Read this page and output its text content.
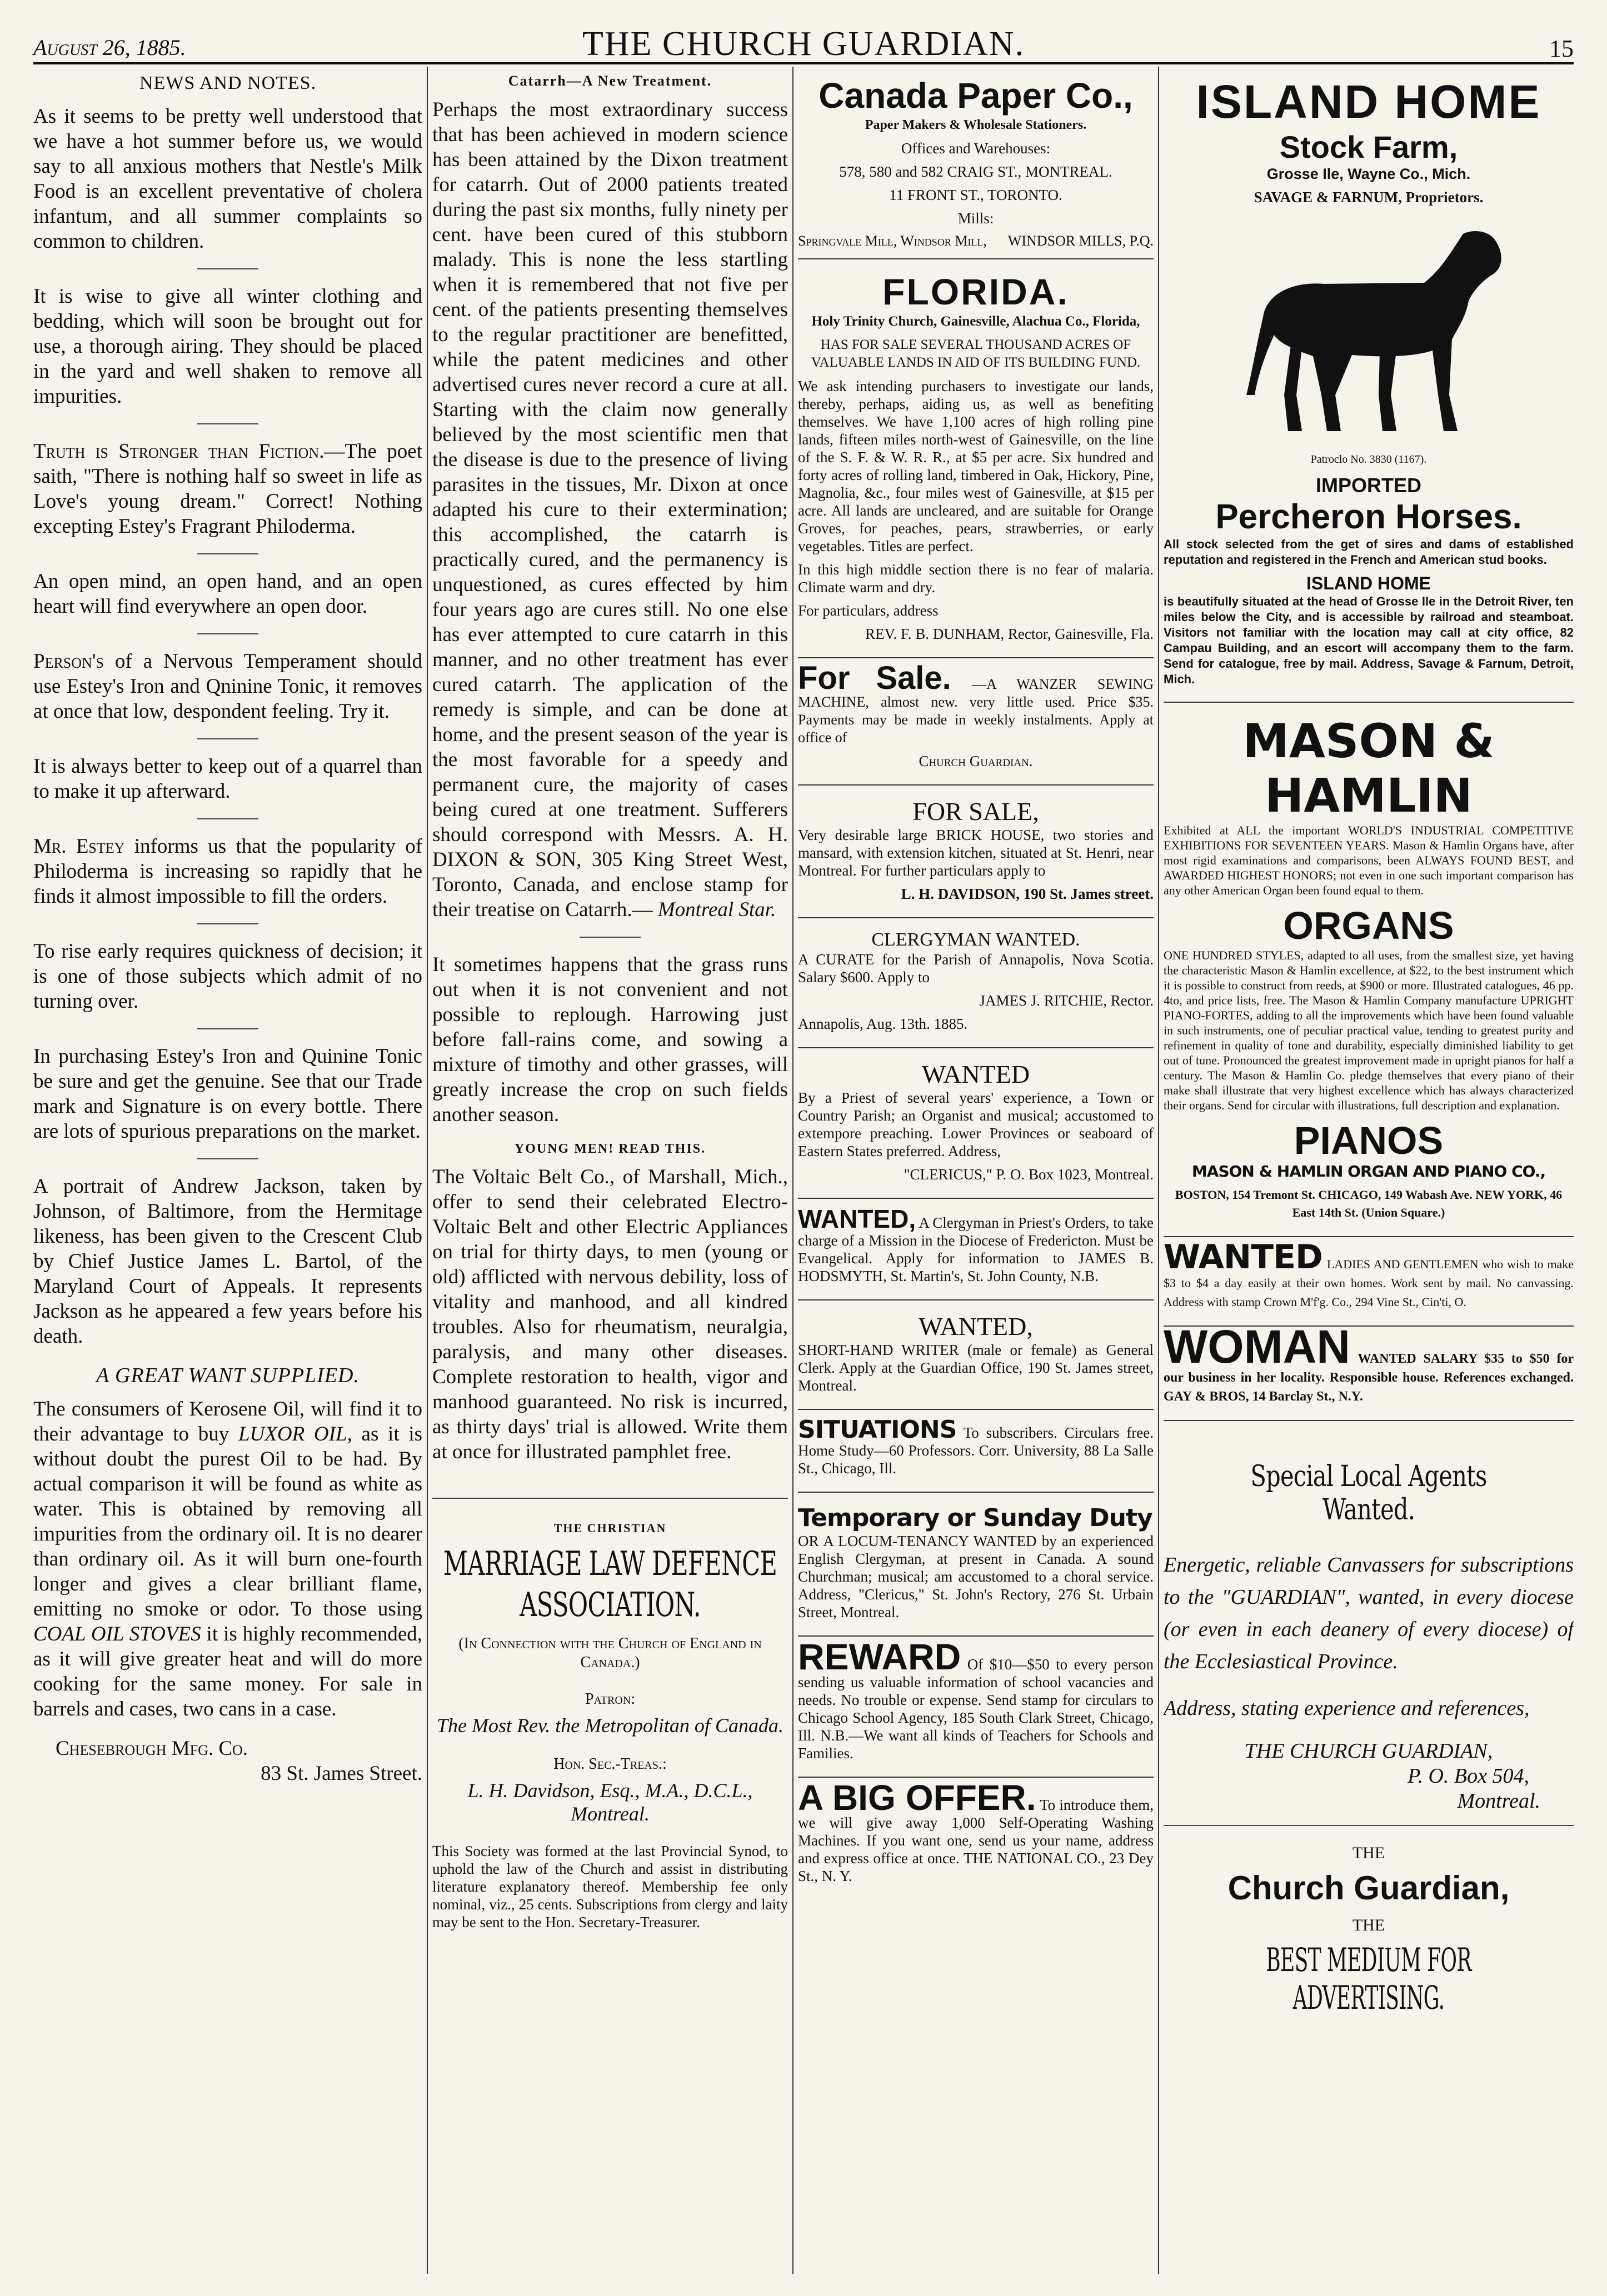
August 26, 1885.	THE CHURCH GUARDIAN.	15
NEWS AND NOTES.

As it seems to be pretty well understood that we have a hot summer before us, we would say to all anxious mothers that Nestle's Milk Food is an excellent preventative of cholera infantum, and all summer complaints so common to children.

It is wise to give all winter clothing and bedding, which will soon be brought out for use, a thorough airing. They should be placed in the yard and well shaken to remove all impurities.

Truth is Stronger than Fiction.—The poet saith, "There is nothing half so sweet in life as Love's young dream." Correct! Nothing excepting Estey's Fragrant Philoderma.

An open mind, an open hand, and an open heart will find everywhere an open door.

Person's of a Nervous Temperament should use Estey's Iron and Qninine Tonic, it removes at once that low, despondent feeling. Try it.

It is always better to keep out of a quarrel than to make it up afterward.

Mr. Estey informs us that the popularity of Philoderma is increasing so rapidly that he finds it almost impossible to fill the orders.

To rise early requires quickness of decision; it is one of those subjects which admit of no turning over.

In purchasing Estey's Iron and Quinine Tonic be sure and get the genuine. See that our Trade mark and Signature is on every bottle. There are lots of spurious preparations on the market.

A portrait of Andrew Jackson, taken by Johnson, of Baltimore, from the Hermitage likeness, has been given to the Crescent Club by Chief Justice James L. Bartol, of the Maryland Court of Appeals. It represents Jackson as he appeared a few years before his death.

A GREAT WANT SUPPLIED.

The consumers of Kerosene Oil, will find it to their advantage to buy LUXOR OIL, as it is without doubt the purest Oil to be had. By actual comparison it will be found as white as water. This is obtained by removing all impurities from the ordinary oil. It is no dearer than ordinary oil. As it will burn one-fourth longer and gives a clear brilliant flame, emitting no smoke or odor. To those using COAL OIL STOVES it is highly recommended, as it will give greater heat and will do more cooking for the same money. For sale in barrels and cases, two cans in a case.

Chesebrough Mfg. Co.

83 St. James Street.

Catarrh—A New Treatment.

Perhaps the most extraordinary success that has been achieved in modern science has been attained by the Dixon treatment for catarrh. Out of 2000 patients treated during the past six months, fully ninety per cent. have been cured of this stubborn malady. This is none the less startling when it is remembered that not five per cent. of the patients presenting themselves to the regular practitioner are benefitted, while the patent medicines and other advertised cures never record a cure at all. Starting with the claim now generally believed by the most scientific men that the disease is due to the presence of living parasites in the tissues, Mr. Dixon at once adapted his cure to their extermination; this accomplished, the catarrh is practically cured, and the permanency is unquestioned, as cures effected by him four years ago are cures still. No one else has ever attempted to cure catarrh in this manner, and no other treatment has ever cured catarrh. The application of the remedy is simple, and can be done at home, and the present season of the year is the most favorable for a speedy and permanent cure, the majority of cases being cured at one treatment. Sufferers should correspond with Messrs. A. H. DIXON & SON, 305 King Street West, Toronto, Canada, and enclose stamp for their treatise on Catarrh.— Montreal Star.

It sometimes happens that the grass runs out when it is not convenient and not possible to replough. Harrowing just before fall-rains come, and sowing a mixture of timothy and other grasses, will greatly increase the crop on such fields another season.

YOUNG MEN! READ THIS.

The Voltaic Belt Co., of Marshall, Mich., offer to send their celebrated Electro-Voltaic Belt and other Electric Appliances on trial for thirty days, to men (young or old) afflicted with nervous debility, loss of vitality and manhood, and all kindred troubles. Also for rheumatism, neuralgia, paralysis, and many other diseases. Complete restoration to health, vigor and manhood guaranteed. No risk is incurred, as thirty days' trial is allowed. Write them at once for illustrated pamphlet free.

THE CHRISTIAN
MARRIAGE LAW DEFENCE ASSOCIATION.

(In Connection with the Church of England in Canada.)

Patron:

The Most Rev. the Metropolitan of Canada.

Hon. Sec.-Treas.:

L. H. Davidson, Esq., M.A., D.C.L., Montreal.

This Society was formed at the last Provincial Synod, to uphold the law of the Church and assist in distributing literature explanatory thereof. Membership fee only nominal, viz., 25 cents. Subscriptions from clergy and laity may be sent to the Hon. Secretary-Treasurer.

Canada Paper Co.,

Paper Makers & Wholesale Stationers.

Offices and Warehouses:

578, 580 and 582 CRAIG ST., MONTREAL.

11 FRONT ST., TORONTO.

Mills:

Springvale Mill, Windsor Mill, WINDSOR MILLS, P.Q.
FLORIDA.

Holy Trinity Church, Gainesville, Alachua Co., Florida,

HAS FOR SALE SEVERAL THOUSAND ACRES OF VALUABLE LANDS IN AID OF ITS BUILDING FUND.

We ask intending purchasers to investigate our lands, thereby, perhaps, aiding us, as well as benefiting themselves. We have 1,100 acres of high rolling pine lands, fifteen miles north-west of Gainesville, on the line of the S. F. & W. R. R., at $5 per acre. Six hundred and forty acres of rolling land, timbered in Oak, Hickory, Pine, Magnolia, &c., four miles west of Gainesville, at $15 per acre. All lands are uncleared, and are suitable for Orange Groves, for peaches, pears, strawberries, or early vegetables. Titles are perfect.

In this high middle section there is no fear of malaria. Climate warm and dry.

For particulars, address

REV. F. B. DUNHAM, Rector, Gainesville, Fla.

For Sale. —A WANZER SEWING MACHINE, almost new. very little used. Price $35. Payments may be made in weekly instalments. Apply at office of

Church Guardian.

FOR SALE,

Very desirable large BRICK HOUSE, two stories and mansard, with extension kitchen, situated at St. Henri, near Montreal. For further particulars apply to

L. H. DAVIDSON, 190 St. James street.

CLERGYMAN WANTED.

A CURATE for the Parish of Annapolis, Nova Scotia. Salary $600. Apply to

JAMES J. RITCHIE, Rector.

Annapolis, Aug. 13th. 1885.

WANTED

By a Priest of several years' experience, a Town or Country Parish; an Organist and musical; accustomed to extempore preaching. Lower Provinces or seaboard of Eastern States preferred. Address,

"CLERICUS," P. O. Box 1023, Montreal.

WANTED, A Clergyman in Priest's Orders, to take charge of a Mission in the Diocese of Fredericton. Must be Evangelical. Apply for information to JAMES B. HODSMYTH, St. Martin's, St. John County, N.B.

WANTED,

SHORT-HAND WRITER (male or female) as General Clerk. Apply at the Guardian Office, 190 St. James street, Montreal.

SITUATIONS To subscribers. Circulars free. Home Study—60 Professors. Corr. University, 88 La Salle St., Chicago, Ill.

Temporary or Sunday Duty

OR A LOCUM-TENANCY WANTED by an experienced English Clergyman, at present in Canada. A sound Churchman; musical; am accustomed to a choral service. Address, "Clericus," St. John's Rectory, 276 St. Urbain Street, Montreal.

REWARD Of $10—$50 to every person sending us valuable information of school vacancies and needs. No trouble or expense. Send stamp for circulars to Chicago School Agency, 185 South Clark Street, Chicago, Ill. N.B.—We want all kinds of Teachers for Schools and Families.

A BIG OFFER. To introduce them, we will give away 1,000 Self-Operating Washing Machines. If you want one, send us your name, address and express office at once. THE NATIONAL CO., 23 Dey St., N. Y.

ISLAND HOME
Stock Farm,

Grosse Ile, Wayne Co., Mich.

SAVAGE & FARNUM, Proprietors.

Patroclo No. 3830 (1167).

IMPORTED
Percheron Horses.

All stock selected from the get of sires and dams of established reputation and registered in the French and American stud books.

ISLAND HOME

is beautifully situated at the head of Grosse Ile in the Detroit River, ten miles below the City, and is accessible by railroad and steamboat. Visitors not familiar with the location may call at city office, 82 Campau Building, and an escort will accompany them to the farm. Send for catalogue, free by mail. Address, Savage & Farnum, Detroit, Mich.

MASON & HAMLIN

Exhibited at ALL the important WORLD'S INDUSTRIAL COMPETITIVE EXHIBITIONS FOR SEVENTEEN YEARS. Mason & Hamlin Organs have, after most rigid examinations and comparisons, been ALWAYS FOUND BEST, and AWARDED HIGHEST HONORS; not even in one such important comparison has any other American Organ been found equal to them.

ORGANS

ONE HUNDRED STYLES, adapted to all uses, from the smallest size, yet having the characteristic Mason & Hamlin excellence, at $22, to the best instrument which it is possible to construct from reeds, at $900 or more. Illustrated catalogues, 46 pp. 4to, and price lists, free. The Mason & Hamlin Company manufacture UPRIGHT PIANO-FORTES, adding to all the improvements which have been found valuable in such instruments, one of peculiar practical value, tending to greatest purity and refinement in quality of tone and durability, especially diminished liability to get out of tune. Pronounced the greatest improvement made in upright pianos for half a century. The Mason & Hamlin Co. pledge themselves that every piano of their make shall illustrate that very highest excellence which has always characterized their organs. Send for circular with illustrations, full description and explanation.

PIANOS

MASON & HAMLIN ORGAN AND PIANO CO.,

BOSTON, 154 Tremont St. CHICAGO, 149 Wabash Ave. NEW YORK, 46 East 14th St. (Union Square.)

WANTED LADIES AND GENTLEMEN who wish to make $3 to $4 a day easily at their own homes. Work sent by mail. No canvassing. Address with stamp Crown M'f'g. Co., 294 Vine St., Cin'ti, O.

WOMAN WANTED SALARY $35 to $50 for our business in her locality. Responsible house. References exchanged. GAY & BROS, 14 Barclay St., N.Y.

Special Local Agents Wanted.

Energetic, reliable Canvassers for subscriptions to the "GUARDIAN", wanted, in every diocese (or even in each deanery of every diocese) of the Ecclesiastical Province.

Address, stating experience and references,

THE CHURCH GUARDIAN,

P. O. Box 504,

Montreal.

THE

Church Guardian,

THE

BEST MEDIUM FOR ADVERTISING.
